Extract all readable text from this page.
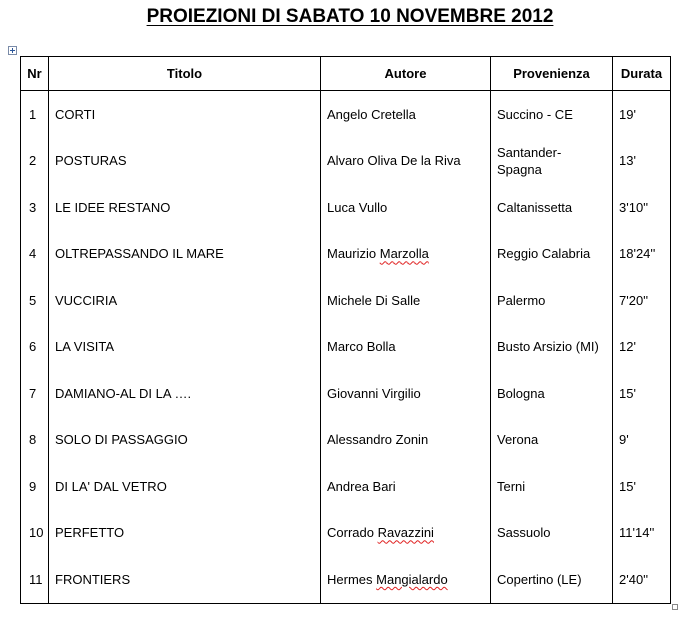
PROIEZIONI DI SABATO 10 NOVEMBRE 2012
Nr	Titolo	Autore	Provenienza	Durata
1	CORTI	Angelo Cretella	Succino - CE	19'
2	POSTURAS	Alvaro Oliva De la Riva	Santander-Spagna	13'
3	LE IDEE RESTANO	Luca Vullo	Caltanissetta	3'10''
4	OLTREPASSANDO IL MARE	Maurizio Marzolla	Reggio Calabria	18'24''
5	VUCCIRIA	Michele Di Salle	Palermo	7'20''
6	LA VISITA	Marco Bolla	Busto Arsizio (MI)	12'
7	DAMIANO-AL DI LA ….	Giovanni Virgilio	Bologna	15'
8	SOLO DI PASSAGGIO	Alessandro Zonin	Verona	9'
9	DI LA' DAL VETRO	Andrea Bari	Terni	15'
10	PERFETTO	Corrado Ravazzini	Sassuolo	11'14''
11	FRONTIERS	Hermes Mangialardo	Copertino (LE)	2'40''
